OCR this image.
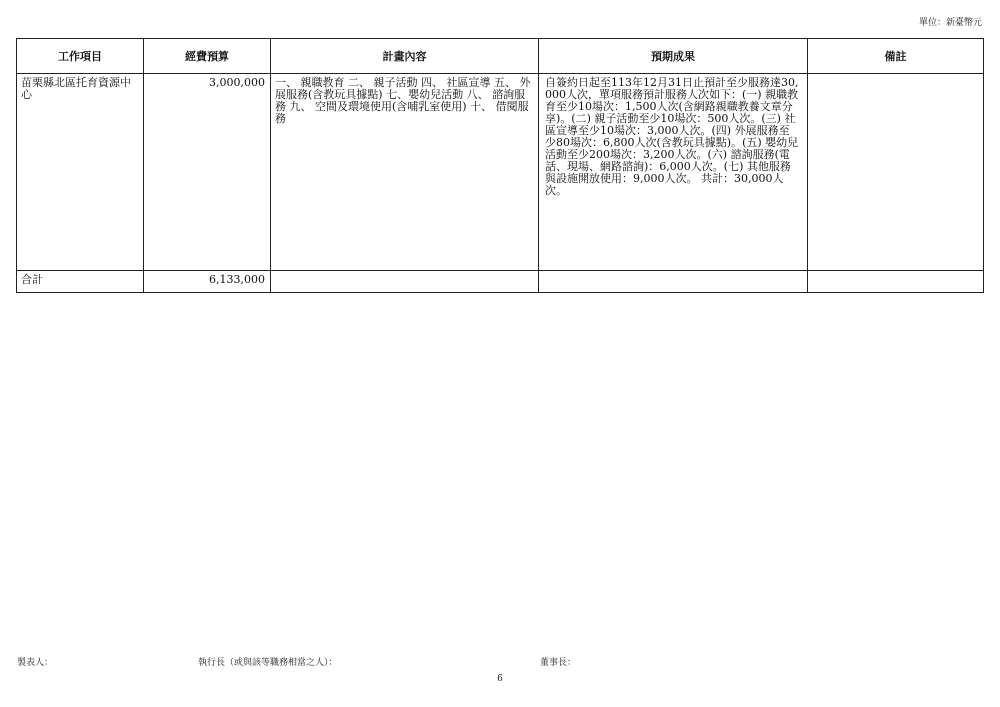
單位：新臺幣元
工作項目	經費預算	計畫內容	預期成果	備註

苗栗縣北區托育資源中心	3,000,000	一、 親職教育 二、 親子活動 四、 社區宣導 五、 外展服務(含教玩具據點) 七、嬰幼兒活動 八、 諮詢服務 九、 空間及環境使用(含哺乳室使用) 十、 借閱服務	自簽約日起至113年12月31日止預計至少服務達30,000人次，單項服務預計服務人次如下：(一) 親職教育至少10場次：1,500人次(含網路親職教養文章分享)。(二) 親子活動至少10場次：500人次。(三) 社區宣導至少10場次：3,000人次。(四) 外展服務至少80場次：6,800人次(含教玩具據點)。(五) 嬰幼兒活動至少200場次：3,200人次。(六) 諮詢服務(電話、現場、網路諮詢)：6,000人次。(七) 其他服務與設施開放使用：9,000人次。 共計：30,000人次。	

合計	6,133,000			

製表人：	執行長（或與該等職務相當之人）：	董事長：
6
